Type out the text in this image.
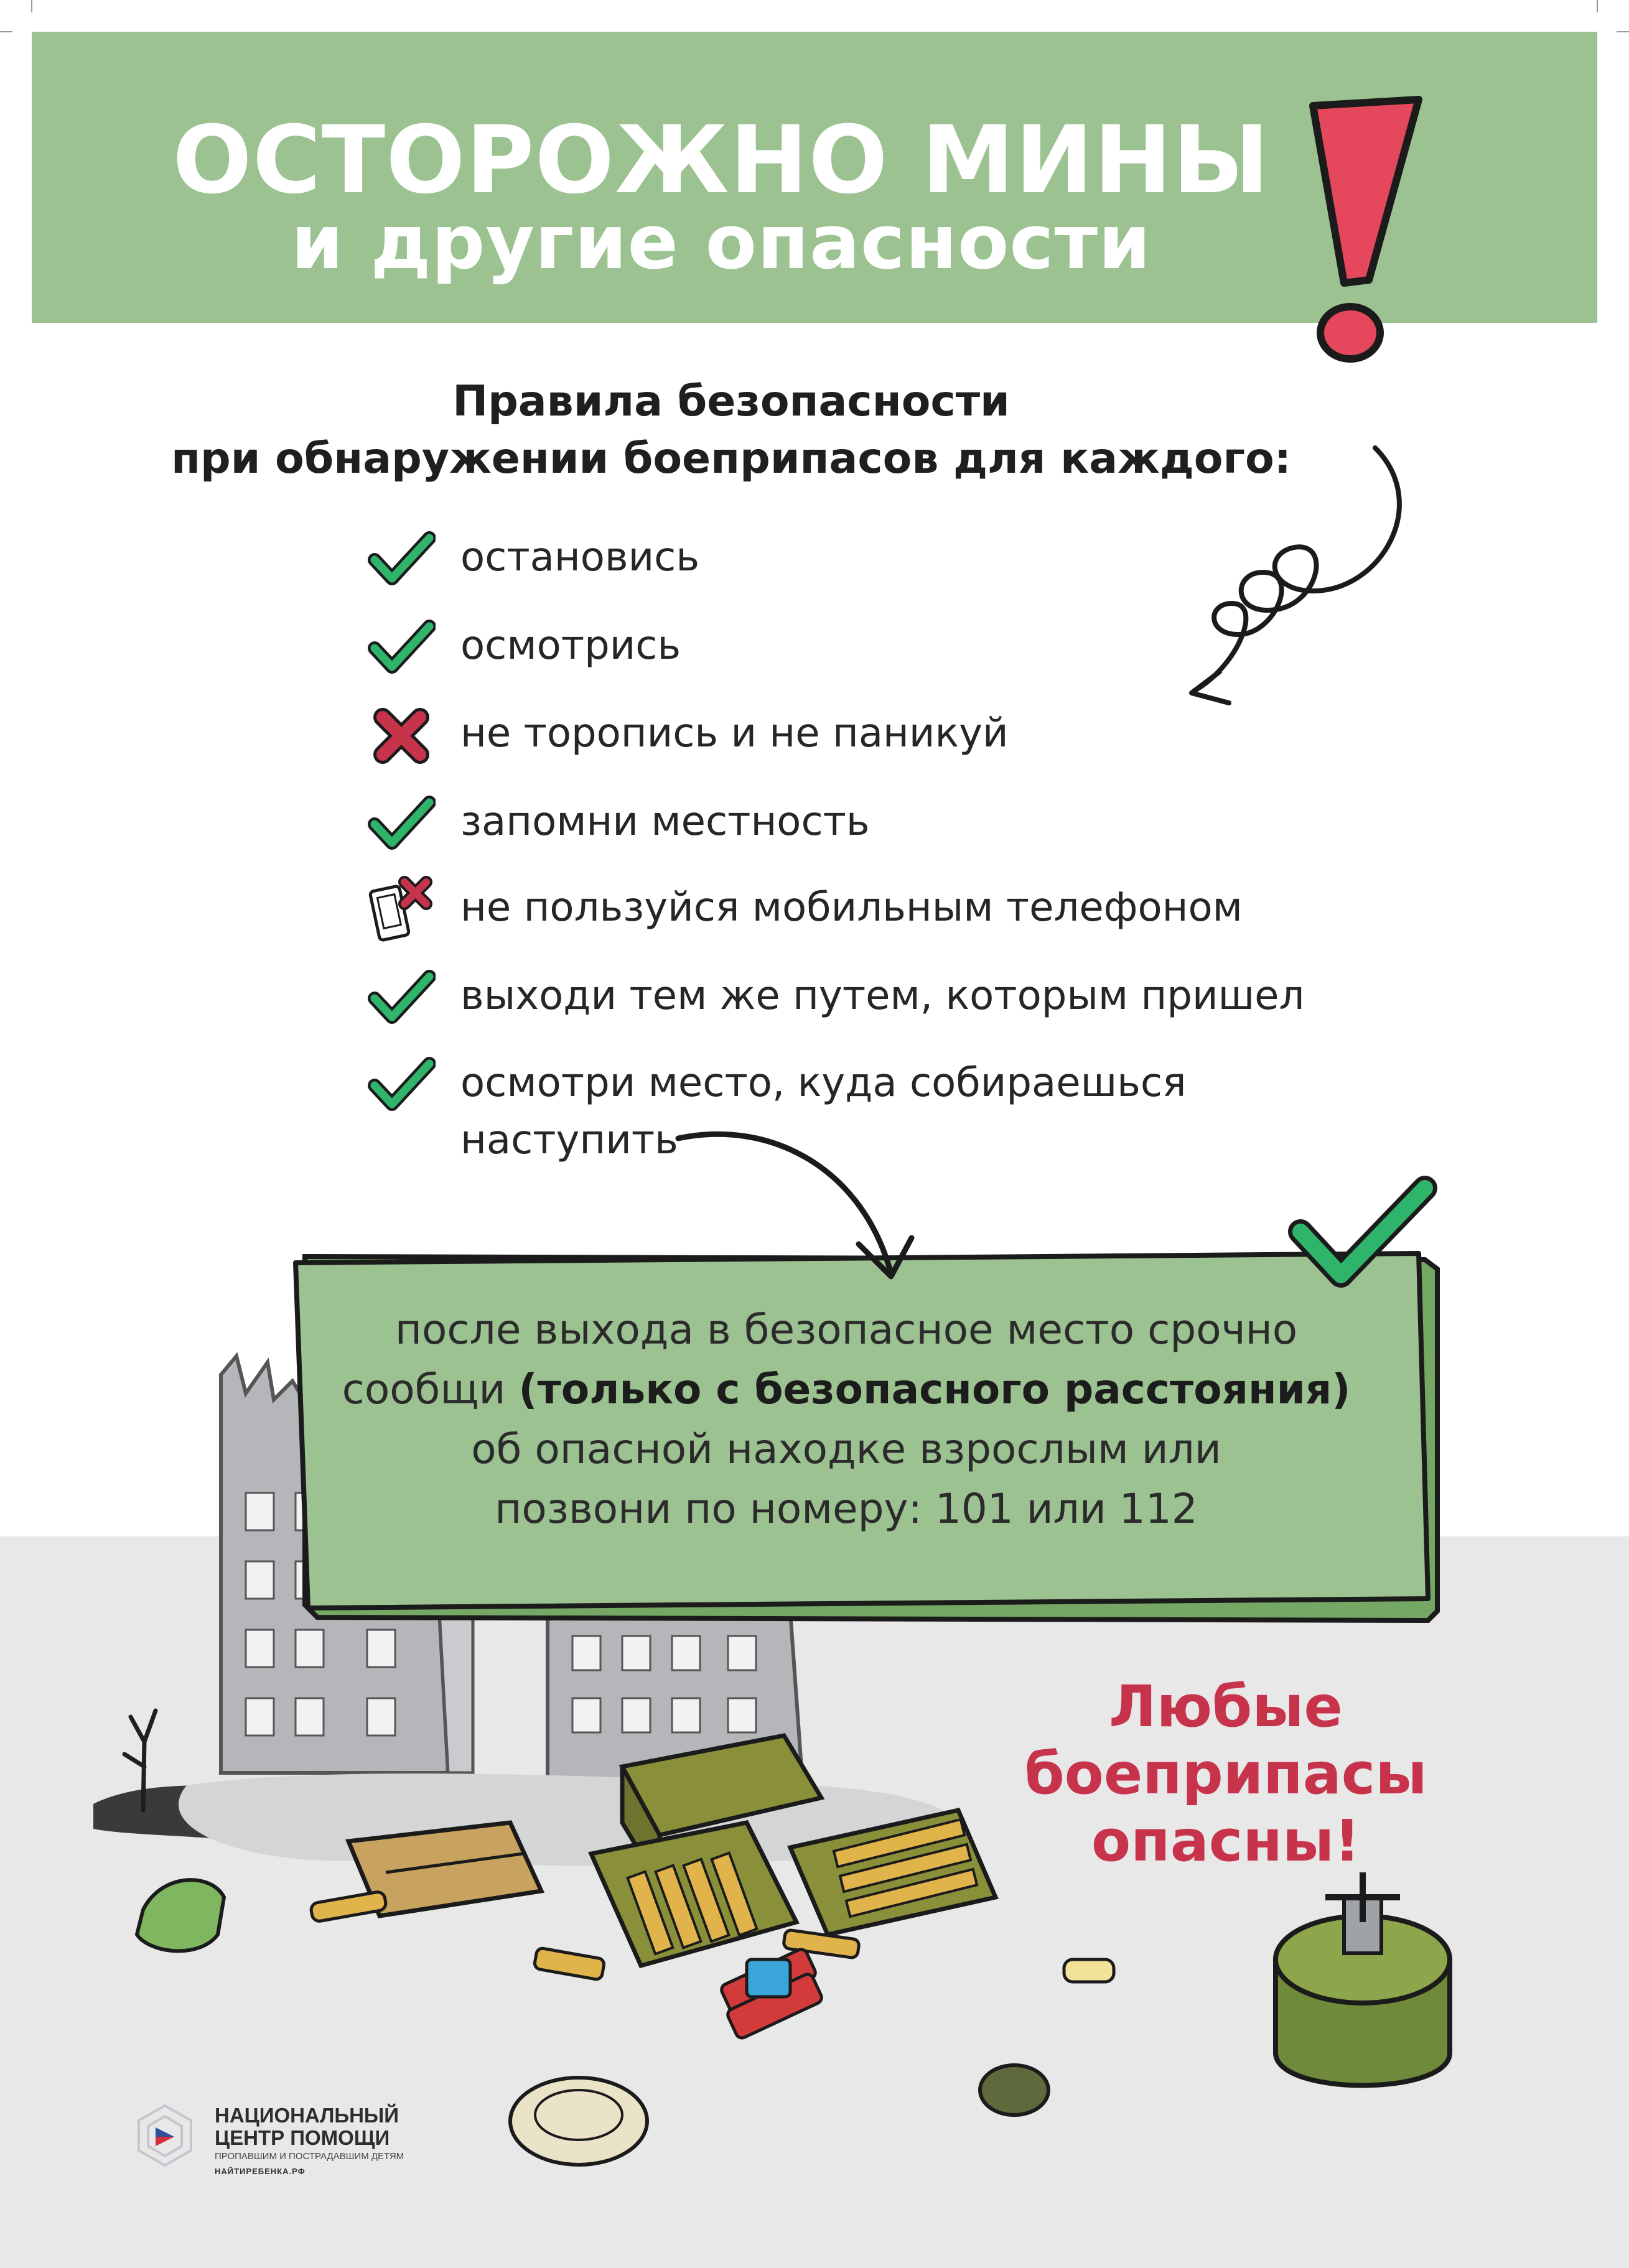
ОСТОРОЖНО МИНЫ
и другие опасности
Правила безопасности
при обнаружении боеприпасов для каждого:
остановись
осмотрись
не торопись и не паникуй
запомни местность
не пользуйся мобильным телефоном
выходи тем же путем, которым пришел
осмотри место, куда собираешься
наступить
после выхода в безопасное место срочно
сообщи (только с безопасного расстояния)
об опасной находке взрослым или
позвони по номеру: 101 или 112
Любые
боеприпасы
опасны!
НАЦИОНАЛЬНЫЙ
ЦЕНТР ПОМОЩИ
ПРОПАВШИМ И ПОСТРАДАВШИМ ДЕТЯМ
НАЙТИРЕБЕНКА.РФ
